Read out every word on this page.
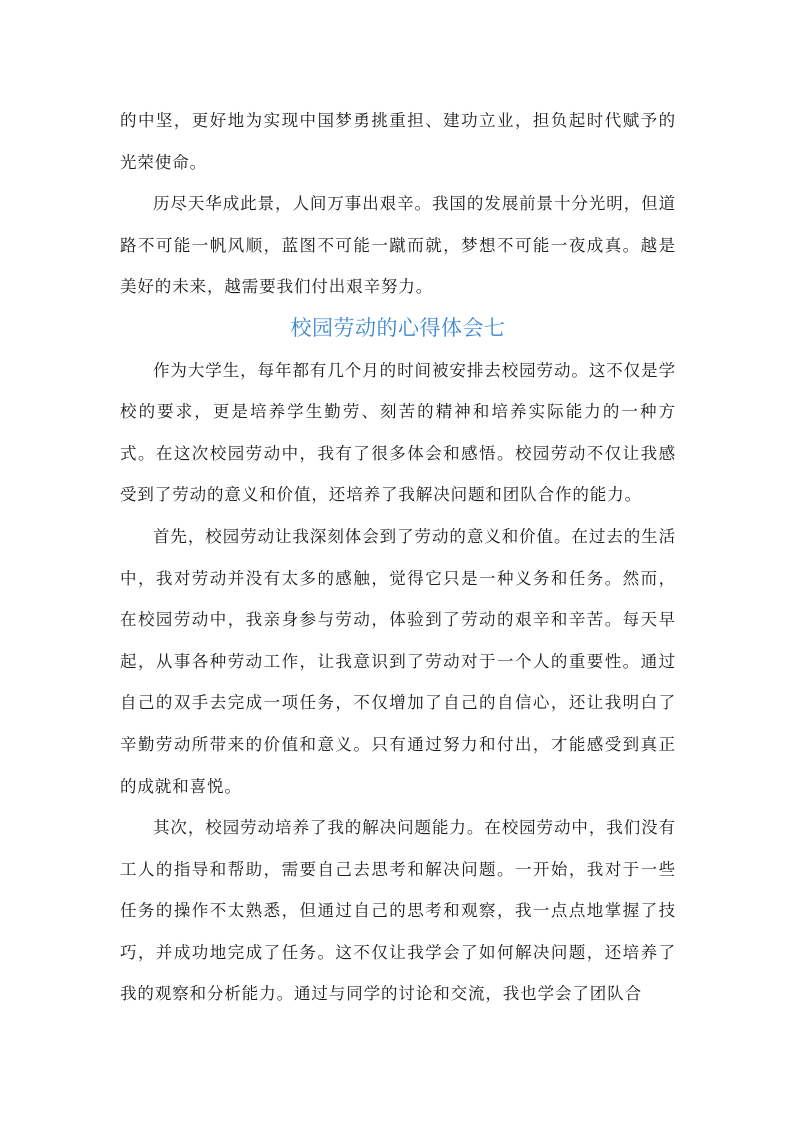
的中坚，更好地为实现中国梦勇挑重担、建功立业，担负起时代赋予的光荣使命。

历尽天华成此景，人间万事出艰辛。我国的发展前景十分光明，但道路不可能一帆风顺，蓝图不可能一蹴而就，梦想不可能一夜成真。越是美好的未来，越需要我们付出艰辛努力。

校园劳动的心得体会七

作为大学生，每年都有几个月的时间被安排去校园劳动。这不仅是学校的要求，更是培养学生勤劳、刻苦的精神和培养实际能力的一种方式。在这次校园劳动中，我有了很多体会和感悟。校园劳动不仅让我感受到了劳动的意义和价值，还培养了我解决问题和团队合作的能力。

首先，校园劳动让我深刻体会到了劳动的意义和价值。在过去的生活中，我对劳动并没有太多的感触，觉得它只是一种义务和任务。然而，在校园劳动中，我亲身参与劳动，体验到了劳动的艰辛和辛苦。每天早起，从事各种劳动工作，让我意识到了劳动对于一个人的重要性。通过自己的双手去完成一项任务，不仅增加了自己的自信心，还让我明白了辛勤劳动所带来的价值和意义。只有通过努力和付出，才能感受到真正的成就和喜悦。

其次，校园劳动培养了我的解决问题能力。在校园劳动中，我们没有工人的指导和帮助，需要自己去思考和解决问题。一开始，我对于一些任务的操作不太熟悉，但通过自己的思考和观察，我一点点地掌握了技巧，并成功地完成了任务。这不仅让我学会了如何解决问题，还培养了我的观察和分析能力。通过与同学的讨论和交流，我也学会了团队合
